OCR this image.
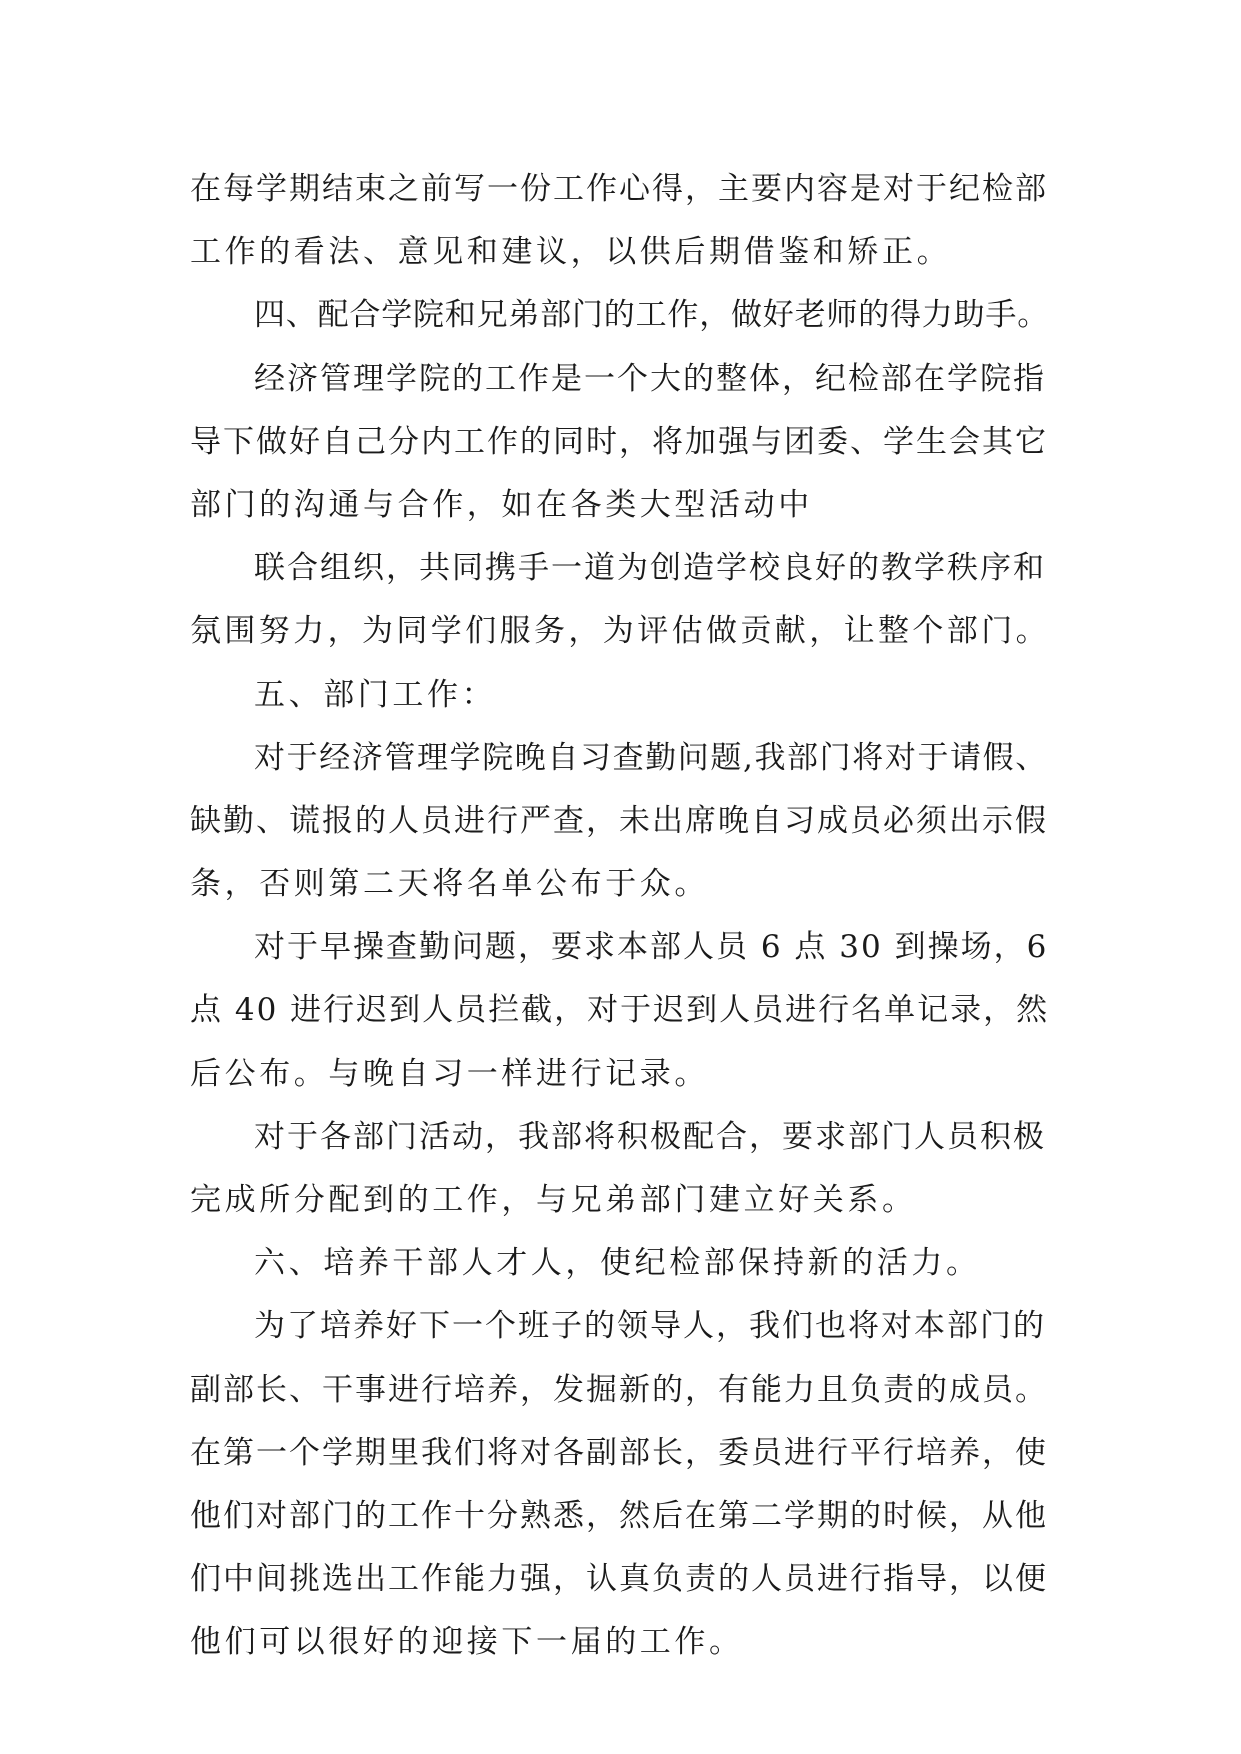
在每学期结束之前写一份工作心得，主要内容是对于纪检部
工作的看法、意见和建议，以供后期借鉴和矫正。
四、配合学院和兄弟部门的工作，做好老师的得力助手。
经济管理学院的工作是一个大的整体，纪检部在学院指
导下做好自己分内工作的同时，将加强与团委、学生会其它
部门的沟通与合作，如在各类大型活动中
联合组织，共同携手一道为创造学校良好的教学秩序和
氛围努力，为同学们服务，为评估做贡献，让整个部门。
五、部门工作：
对于经济管理学院晚自习查勤问题,我部门将对于请假、
缺勤、谎报的人员进行严查，未出席晚自习成员必须出示假
条，否则第二天将名单公布于众。
对于早操查勤问题，要求本部人员 6 点 30 到操场，6
点 40 进行迟到人员拦截，对于迟到人员进行名单记录，然
后公布。与晚自习一样进行记录。
对于各部门活动，我部将积极配合，要求部门人员积极
完成所分配到的工作，与兄弟部门建立好关系。
六、培养干部人才人，使纪检部保持新的活力。
为了培养好下一个班子的领导人，我们也将对本部门的
副部长、干事进行培养，发掘新的，有能力且负责的成员。
在第一个学期里我们将对各副部长，委员进行平行培养，使
他们对部门的工作十分熟悉，然后在第二学期的时候，从他
们中间挑选出工作能力强，认真负责的人员进行指导，以便
他们可以很好的迎接下一届的工作。
